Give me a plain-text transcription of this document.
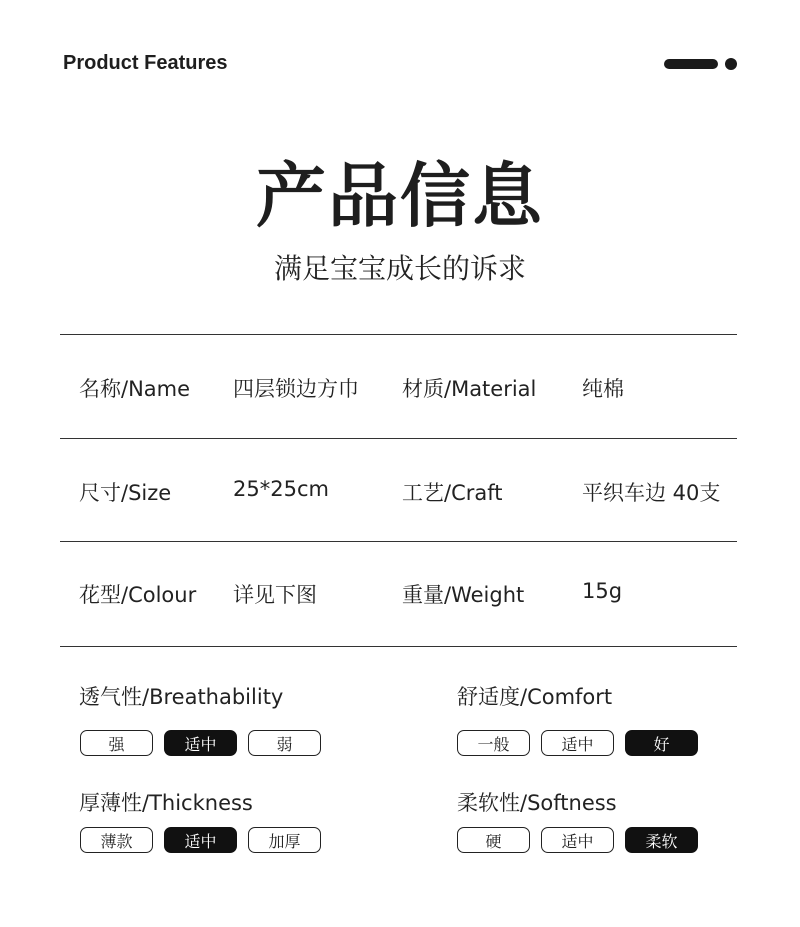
Product Features
产品信息
满足宝宝成长的诉求
名称/Name 四层锁边方巾 材质/Material 纯棉
尺寸/Size	25*25cm	工艺/Craft	平织车边 40支
花型/Colour 详见下图	重量/Weight	15g
透气性/Breathability
强	适中	弱
舒适度/Comfort
一般	适中	好
厚薄性/Thickness
薄款	适中	加厚
柔软性/Softness
硬	适中	柔软
